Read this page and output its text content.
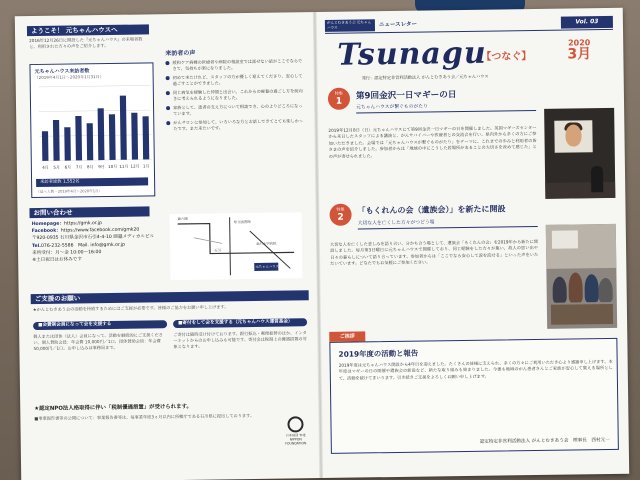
ようこそ！ 元ちゃんハウスへ
2016年12月26日に開設した『元ちゃんハウス』の来場者数と、利用された方々の声をご紹介します。
元ちゃんハウス来訪者数
（2019年4月1日〜2020年1月31日）
4月 5月 6月 7月 8月 9月 10月 11月 12月 1月
来訪者総数 1,552名
（延べ人数・2019年4月〜2020年1月）
来訪者の声
緩和ケア病棟の医療者や病院の相談室では話せない話がここでならできて、気持ちが楽になりました。
初めて来たけれど、スタッフの方が優しく迎えてくださり、安心して過ごすことができました。
同じ病気を経験した仲間と出会い、これからの療養の過ごし方を前向きに考えられるようになりました。
家族として、患者の支え方について相談でき、心のよりどころになっています。
がんサロンに参加して、いろいろな方とお話しできてとても楽しかったです。また来たいです。
お問い合わせ
Homepage：https://gmk.or.jp
Facebook：https://www.facebook.com/gmk20
〒920-0935 石川県金沢市石引4-4-10 細越メディカルビル
Tel.076-232-5586　Mail. info@gmk.or.jp
来所受付：月〜金 10:00〜16:00
※土日祝日はお休みです
兼六園
県立図書館
石引
金沢大学病院
元ちゃんハウス
ご支援のお願い
★がんとむきあう会の活動を持続するためにはご支援が必要です。皆様のご協力をお願い申し上げます。
■会費制会員になって会を支援する
個人または団体（法人）会員になって、活動を継続的にご支援ください。個人賛助会員：年会費 10,000円／1口、団体賛助会員：年会費 50,000円／1口。お申し込みは事務局まで。
■寄付をして会を支援する（元ちゃんハウス運営基金）
ご寄付は随時受け付けております。銀行振込・郵便振替のほか、インターネットからのお申し込みも可能です。寄付金は税制上の優遇措置の対象となります。
★認定NPO法人格取得に伴い「税制優遇措置」が受けられます。
■事業報告書等の公開について：事業報告書等は、毎事業年度3ヵ月以内に所轄庁である石川県に提出しております。
日本財団 THE NIPPON FOUNDATION
がんとむきあう会 元ちゃんハウス	ニュースレター	Vol. 03
Tsunagu
【つなぐ】
2020
3月
発行：認定特定非営利活動法人 がんとむきあう会／元ちゃんハウス
特集
1
第9回金沢一日マギーの日
元ちゃんハウスが繋ぐものがたり
2019年12月8日（日）元ちゃんハウスにて第9回金沢一日マギーの日を開催しました。英国マギーズセンターから来日したスタッフによる講演と、がんサバイバーや医療者との交流会を行い、県内外から多くの方にご参加いただきました。会場では「元ちゃんハウスが繋ぐものがたり」をテーマに、これまでの歩みと利用者の皆さまの声を紹介しました。参加者からは「地域の中にこうした居場所があることの大切さを改めて感じた」との声が寄せられました。
特集
2
「もくれんの会（遺族会）」を新たに開設
大切な人を亡くした方々がつどう場
大切な人を亡くした悲しみを語り合い、分かち合う場として、遺族会「もくれんの会」を2019年から新たに開設しました。毎月第3日曜日に元ちゃんハウスで開催しており、同じ経験をした方々が集い、故人の思い出や日々の暮らしについて語り合っています。参加者からは「ここでなら安心して涙を流せる」といった声をいただいています。どなたでもお気軽にご参加ください。
ご挨拶
2019年度の活動と報告
2019年度は元ちゃんハウス開設から4年目を迎えました。たくさんの皆様に支えられ、多くの方々にご利用いただき心より感謝申し上げます。本年度はマギーの日の開催や遺族会の新設など、新たな取り組みも始まりました。今後も地域のがん患者さんとご家族が安心して集える場所として、活動を続けてまいります。引き続きご支援をよろしくお願い申し上げます。
認定特定非営利活動法人 がんとむきあう会　理事長　西村元一
